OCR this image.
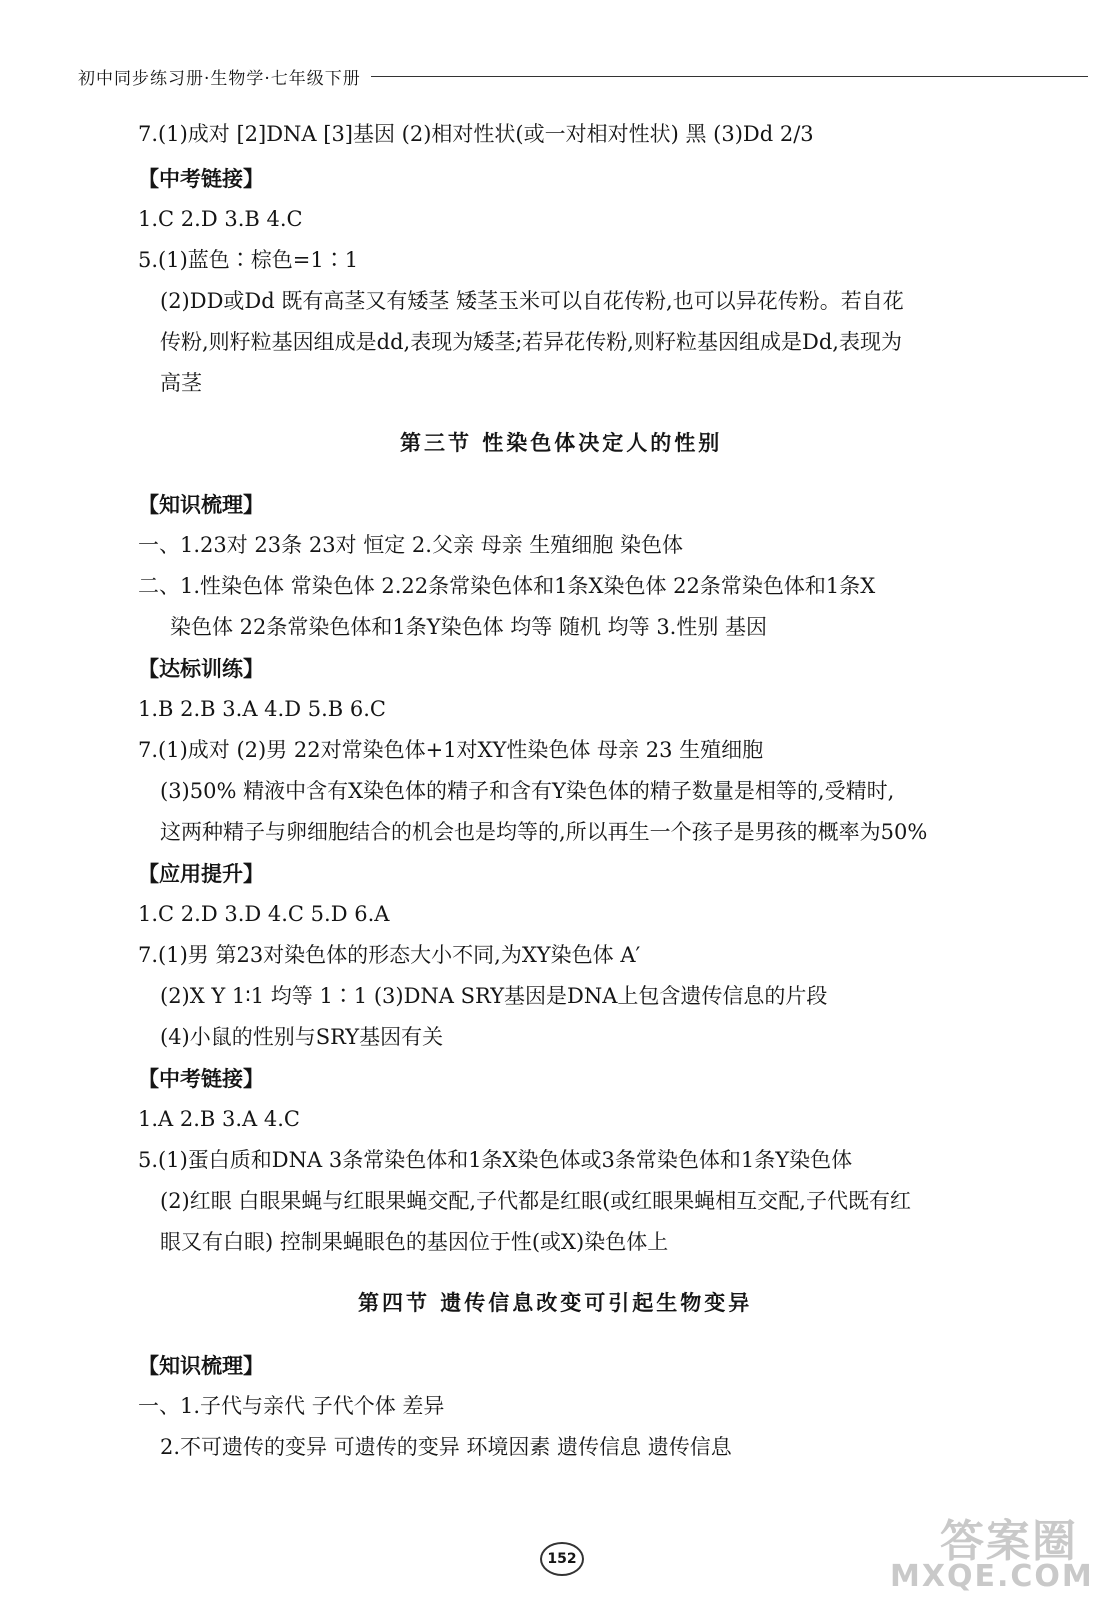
初中同步练习册·生物学·七年级下册
7.(1)成对 [2]DNA [3]基因 (2)相对性状(或一对相对性状) 黑 (3)Dd 2/3
【中考链接】
1.C 2.D 3.B 4.C
5.(1)蓝色∶棕色=1∶1
(2)DD或Dd 既有高茎又有矮茎 矮茎玉米可以自花传粉,也可以异花传粉。若自花
传粉,则籽粒基因组成是dd,表现为矮茎;若异花传粉,则籽粒基因组成是Dd,表现为
高茎
第三节 性染色体决定人的性别
【知识梳理】
一、1.23对 23条 23对 恒定 2.父亲 母亲 生殖细胞 染色体
二、1.性染色体 常染色体 2.22条常染色体和1条X染色体 22条常染色体和1条X
染色体 22条常染色体和1条Y染色体 均等 随机 均等 3.性别 基因
【达标训练】
1.B 2.B 3.A 4.D 5.B 6.C
7.(1)成对 (2)男 22对常染色体+1对XY性染色体 母亲 23 生殖细胞
(3)50% 精液中含有X染色体的精子和含有Y染色体的精子数量是相等的,受精时,
这两种精子与卵细胞结合的机会也是均等的,所以再生一个孩子是男孩的概率为50%
【应用提升】
1.C 2.D 3.D 4.C 5.D 6.A
7.(1)男 第23对染色体的形态大小不同,为XY染色体 A′
(2)X Y 1∶1 均等 1∶1 (3)DNA SRY基因是DNA上包含遗传信息的片段
(4)小鼠的性别与SRY基因有关
【中考链接】
1.A 2.B 3.A 4.C
5.(1)蛋白质和DNA 3条常染色体和1条X染色体或3条常染色体和1条Y染色体
(2)红眼 白眼果蝇与红眼果蝇交配,子代都是红眼(或红眼果蝇相互交配,子代既有红
眼又有白眼) 控制果蝇眼色的基因位于性(或X)染色体上
第四节 遗传信息改变可引起生物变异
【知识梳理】
一、1.子代与亲代 子代个体 差异
2.不可遗传的变异 可遗传的变异 环境因素 遗传信息 遗传信息
152	答案圈
MXQE.COM
